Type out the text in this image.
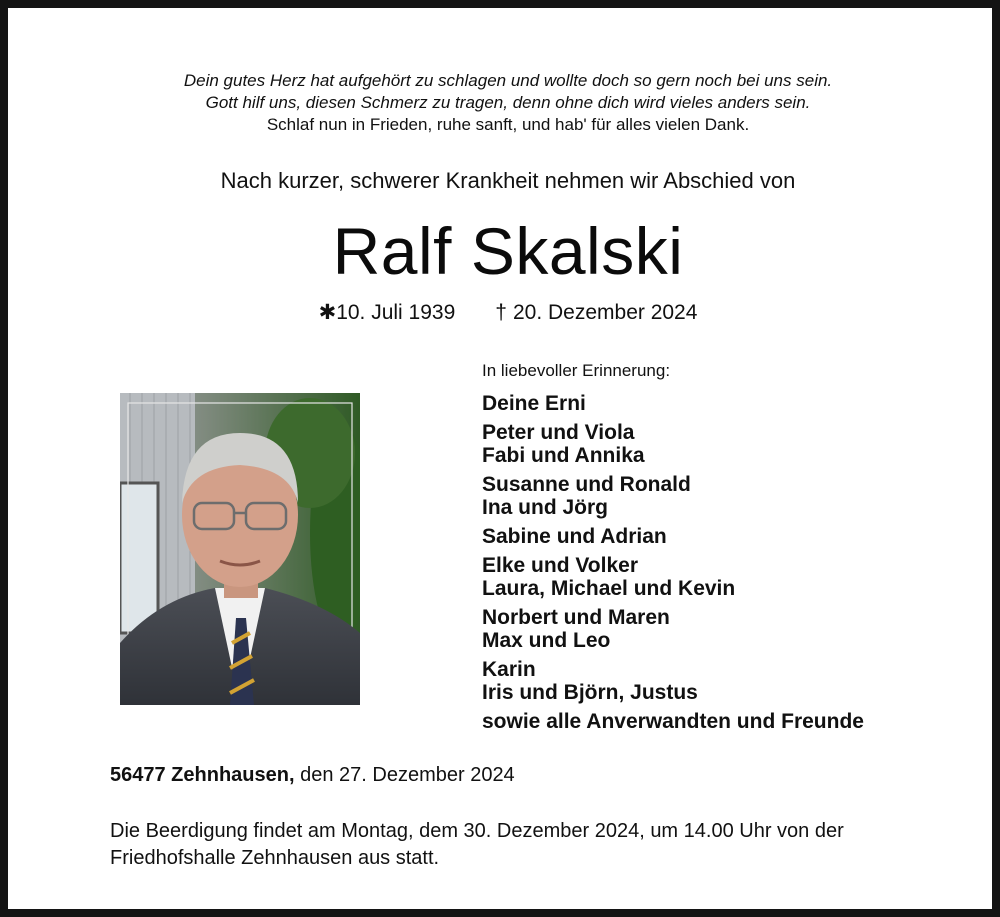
Dein gutes Herz hat aufgehört zu schlagen und wollte doch so gern noch bei uns sein.
Gott hilf uns, diesen Schmerz zu tragen, denn ohne dich wird vieles anders sein.
Schlaf nun in Frieden, ruhe sanft, und hab' für alles vielen Dank.
Nach kurzer, schwerer Krankheit nehmen wir Abschied von
Ralf Skalski
✱10. Juli 1939 † 20. Dezember 2024
In liebevoller Erinnerung:
Deine Erni
Peter und Viola
Fabi und Annika
Susanne und Ronald
Ina und Jörg
Sabine und Adrian
Elke und Volker
Laura, Michael und Kevin
Norbert und Maren
Max und Leo
Karin
Iris und Björn, Justus
sowie alle Anverwandten und Freunde
56477 Zehnhausen, den 27. Dezember 2024
Die Beerdigung findet am Montag, dem 30. Dezember 2024, um 14.00 Uhr von der Friedhofshalle Zehnhausen aus statt.
